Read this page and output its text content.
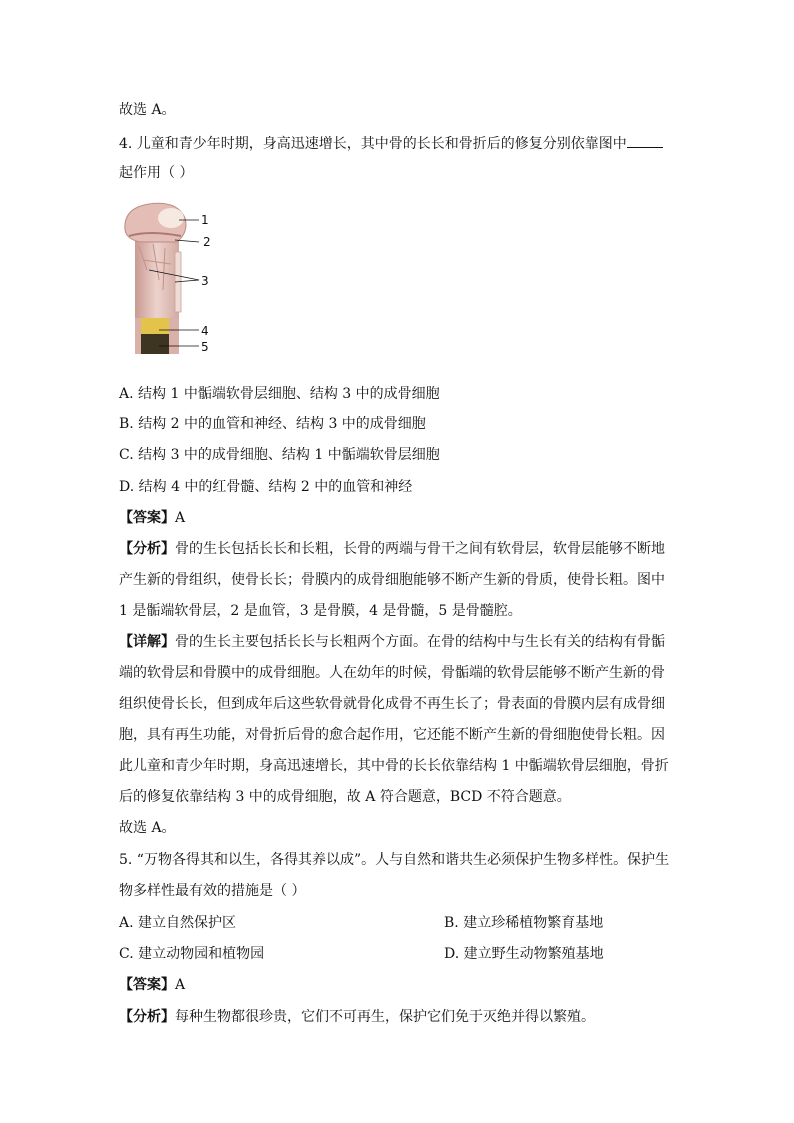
故选 A。
4. 儿童和青少年时期，身高迅速增长，其中骨的长长和骨折后的修复分别依靠图中
起作用（ ）
1
2
3
4
5
A. 结构 1 中骺端软骨层细胞、结构 3 中的成骨细胞
B. 结构 2 中的血管和神经、结构 3 中的成骨细胞
C. 结构 3 中的成骨细胞、结构 1 中骺端软骨层细胞
D. 结构 4 中的红骨髓、结构 2 中的血管和神经
【答案】A
【分析】骨的生长包括长长和长粗，长骨的两端与骨干之间有软骨层，软骨层能够不断地
产生新的骨组织，使骨长长；骨膜内的成骨细胞能够不断产生新的骨质，使骨长粗。图中
1 是骺端软骨层，2 是血管，3 是骨膜，4 是骨髓，5 是骨髓腔。
【详解】骨的生长主要包括长长与长粗两个方面。在骨的结构中与生长有关的结构有骨骺
端的软骨层和骨膜中的成骨细胞。人在幼年的时候，骨骺端的软骨层能够不断产生新的骨
组织使骨长长，但到成年后这些软骨就骨化成骨不再生长了；骨表面的骨膜内层有成骨细
胞，具有再生功能，对骨折后骨的愈合起作用，它还能不断产生新的骨细胞使骨长粗。因
此儿童和青少年时期，身高迅速增长，其中骨的长长依靠结构 1 中骺端软骨层细胞，骨折
后的修复依靠结构 3 中的成骨细胞，故 A 符合题意，BCD 不符合题意。
故选 A。
5. “万物各得其和以生，各得其养以成”。人与自然和谐共生必须保护生物多样性。保护生
物多样性最有效的措施是（ ）
A. 建立自然保护区	B. 建立珍稀植物繁育基地
C. 建立动物园和植物园	D. 建立野生动物繁殖基地
【答案】A
【分析】每种生物都很珍贵，它们不可再生，保护它们免于灭绝并得以繁殖。
